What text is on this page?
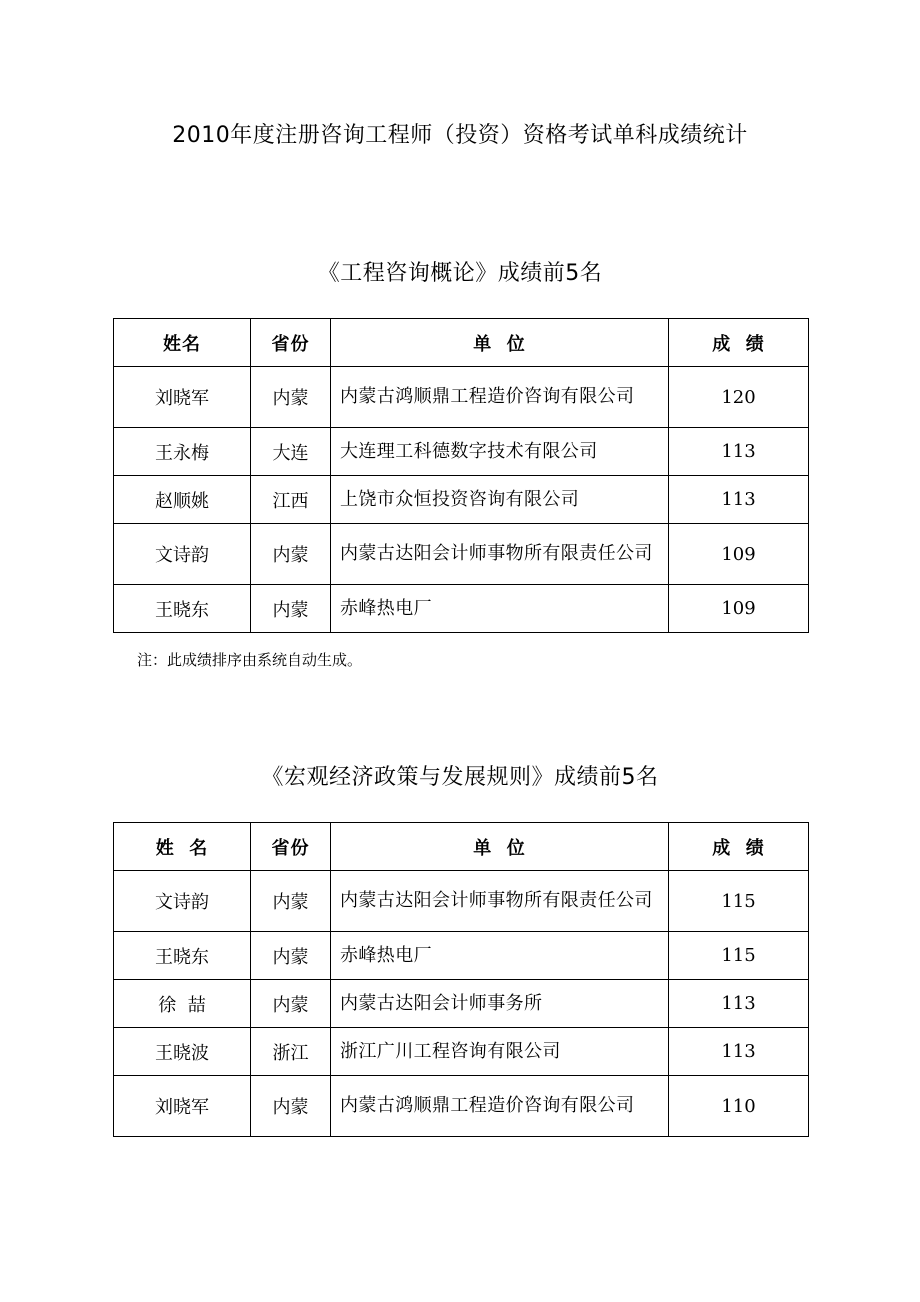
2010年度注册咨询工程师（投资）资格考试单科成绩统计
《工程咨询概论》成绩前5名
姓名	省份	单  位	成  绩
刘晓军	内蒙	内蒙古鸿顺鼎工程造价咨询有限公司	120
王永梅	大连	大连理工科德数字技术有限公司	113
赵顺姚	江西	上饶市众恒投资咨询有限公司	113
文诗韵	内蒙	内蒙古达阳会计师事物所有限责任公司	109
王晓东	内蒙	赤峰热电厂	109
注：此成绩排序由系统自动生成。
《宏观经济政策与发展规则》成绩前5名
姓  名	省份	单  位	成  绩
文诗韵	内蒙	内蒙古达阳会计师事物所有限责任公司	115
王晓东	内蒙	赤峰热电厂	115
徐  喆	内蒙	内蒙古达阳会计师事务所	113
王晓波	浙江	浙江广川工程咨询有限公司	113
刘晓军	内蒙	内蒙古鸿顺鼎工程造价咨询有限公司	110
